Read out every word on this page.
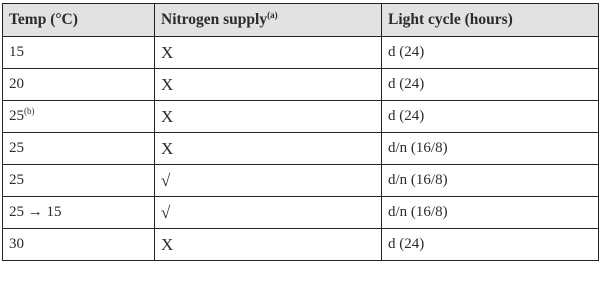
Temp (°C)	Nitrogen supply$^{(a)}$	Light cycle (hours)
15	X	d (24)
20	X	d (24)
25$^{(b)}$	X	d (24)
25	X	d/n (16/8)
25	√	d/n (16/8)
25 → 15	√	d/n (16/8)
30	X	d (24)
